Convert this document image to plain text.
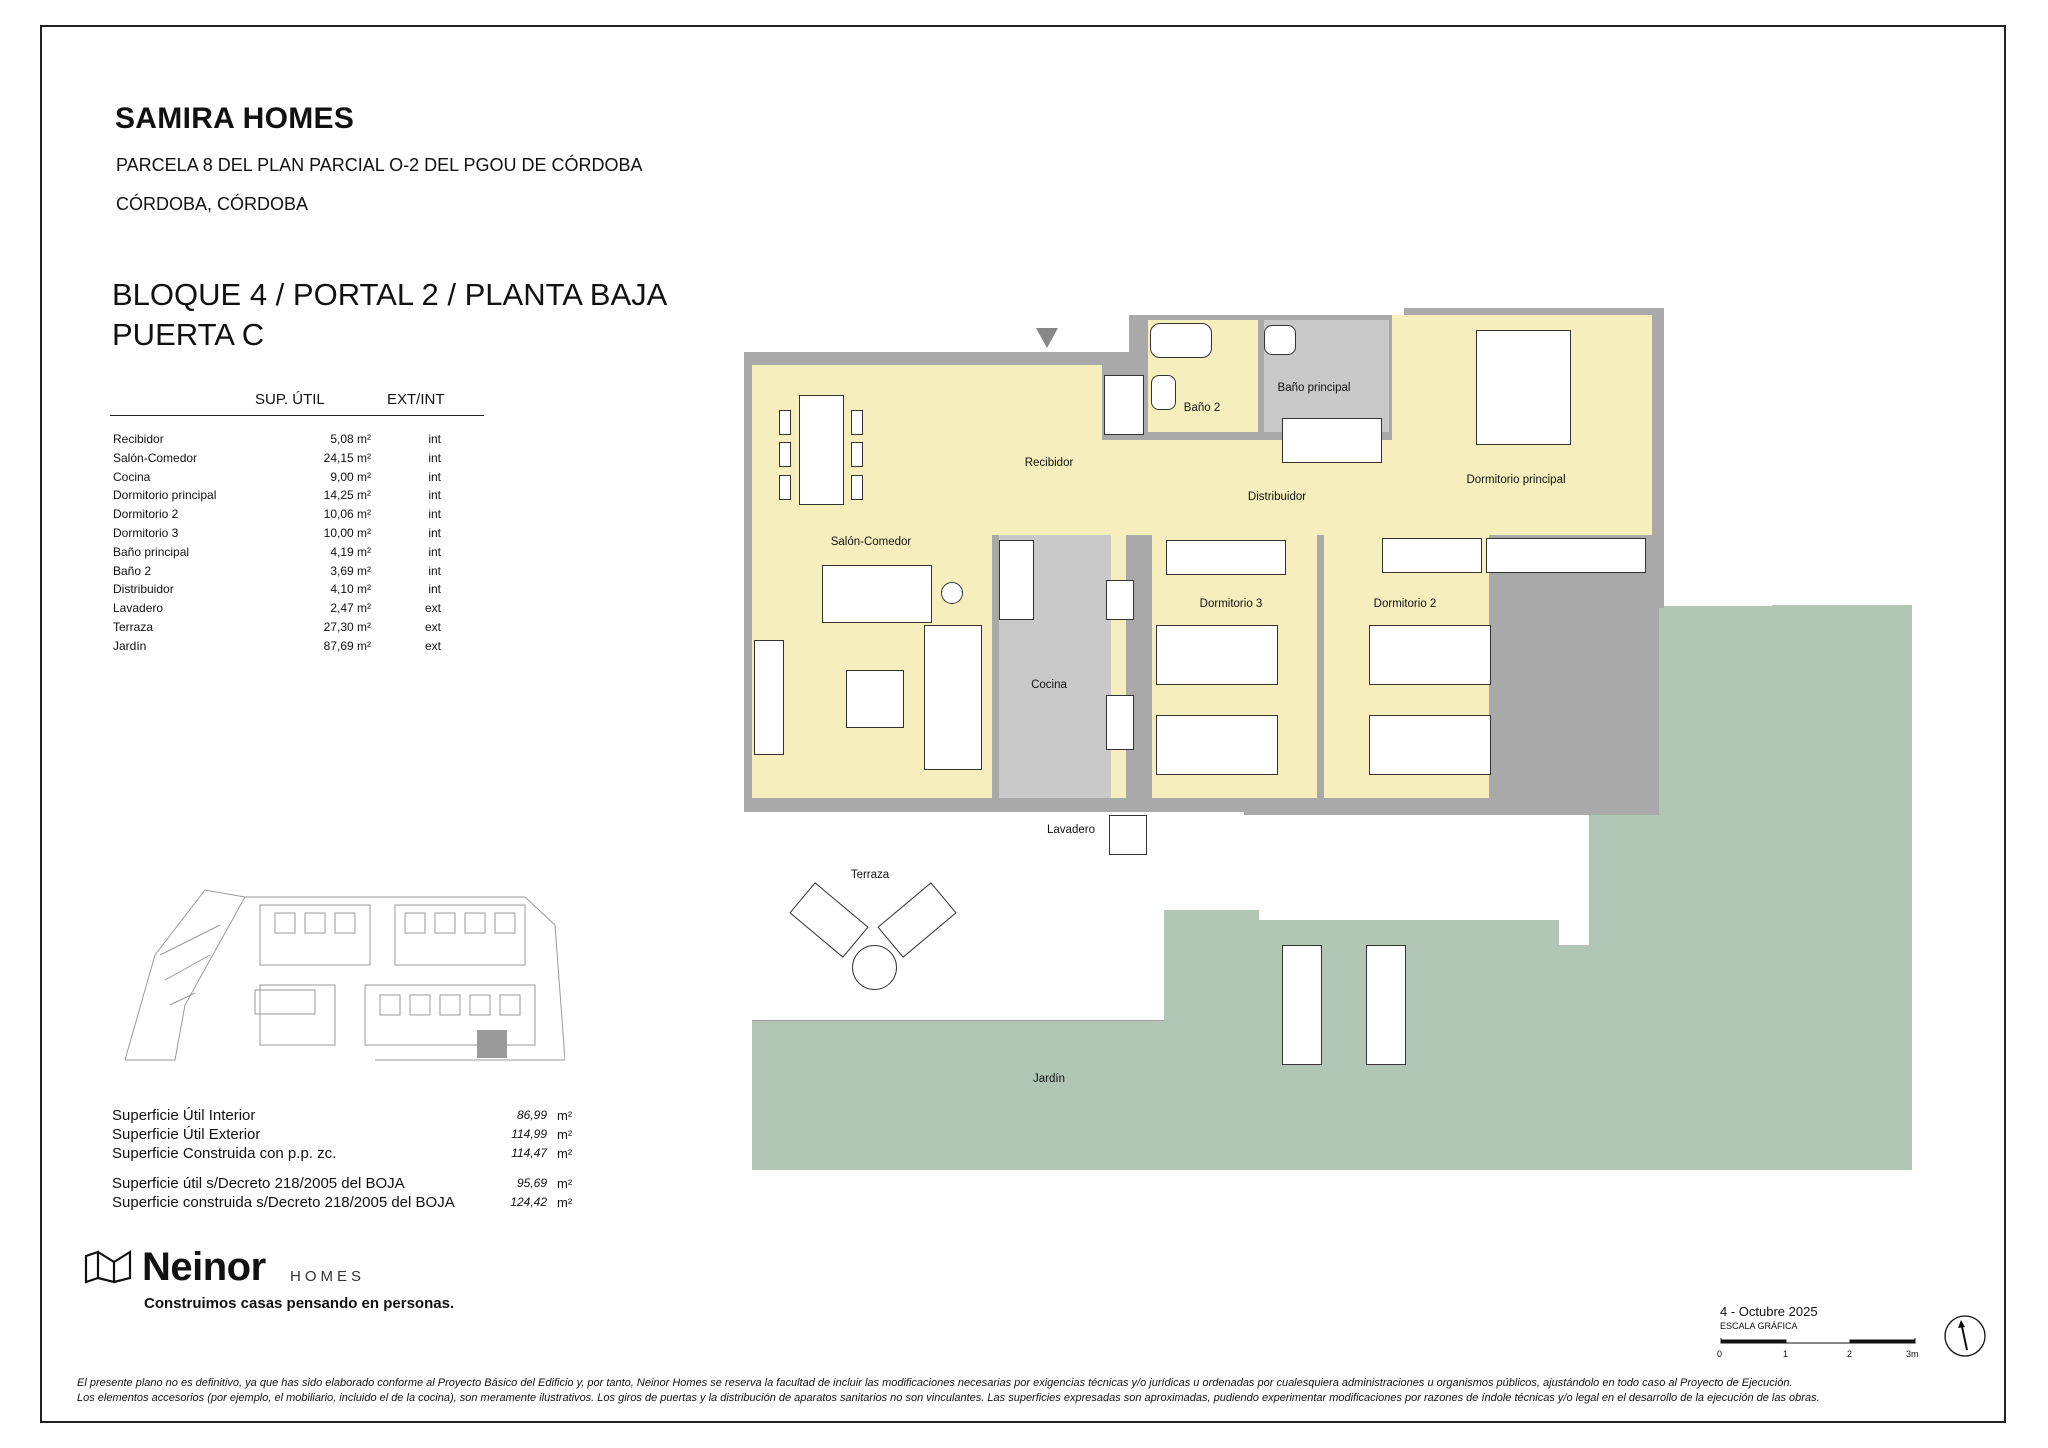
SAMIRA HOMES
PARCELA 8 DEL PLAN PARCIAL O-2 DEL PGOU DE CÓRDOBA
CÓRDOBA, CÓRDOBA
BLOQUE 4 / PORTAL 2 / PLANTA BAJA
PUERTA C
SUP. ÚTIL	EXT/INT
Recibidor	5,08 m²	int
Salón-Comedor	24,15 m²	int
Cocina	9,00 m²	int
Dormitorio principal	14,25 m²	int
Dormitorio 2	10,06 m²	int
Dormitorio 3	10,00 m²	int
Baño principal	4,19 m²	int
Baño 2	3,69 m²	int
Distribuidor	4,10 m²	int
Lavadero	2,47 m²	ext
Terraza	27,30 m²	ext
Jardín	87,69 m²	ext
Superficie Útil Interior	86,99 m²
Superficie Útil Exterior	114,99 m²
Superficie Construida con p.p. zc.	114,47 m²
Superficie útil s/Decreto 218/2005 del BOJA	95,69 m²
Superficie construida s/Decreto 218/2005 del BOJA	124,42 m²
Neinor HOMES
Construimos casas pensando en personas.	4 - Octubre 2025
ESCALA GRÁFICA
0	1	2	3m
El presente plano no es definitivo, ya que has sido elaborado conforme al Proyecto Básico del Edificio y, por tanto, Neinor Homes se reserva la facultad de incluir las modificaciones necesarias por exigencias técnicas y/o jurídicas u ordenadas por cualesquiera administraciones u organismos públicos, ajustándolo en todo caso al Proyecto de Ejecución.
Los elementos accesorios (por ejemplo, el mobiliario, incluido el de la cocina), son meramente ilustrativos. Los giros de puertas y la distribución de aparatos sanitarios no son vinculantes. Las superficies expresadas son aproximadas, pudiendo experimentar modificaciones por razones de índole técnicas y/o legal en el desarrollo de la ejecución de las obras.
Recibidor
Salón-Comedor
Cocina
Distribuidor
Baño 2
Baño principal
Dormitorio principal
Dormitorio 3	Dormitorio 2
Lavadero
Terraza
Jardín
